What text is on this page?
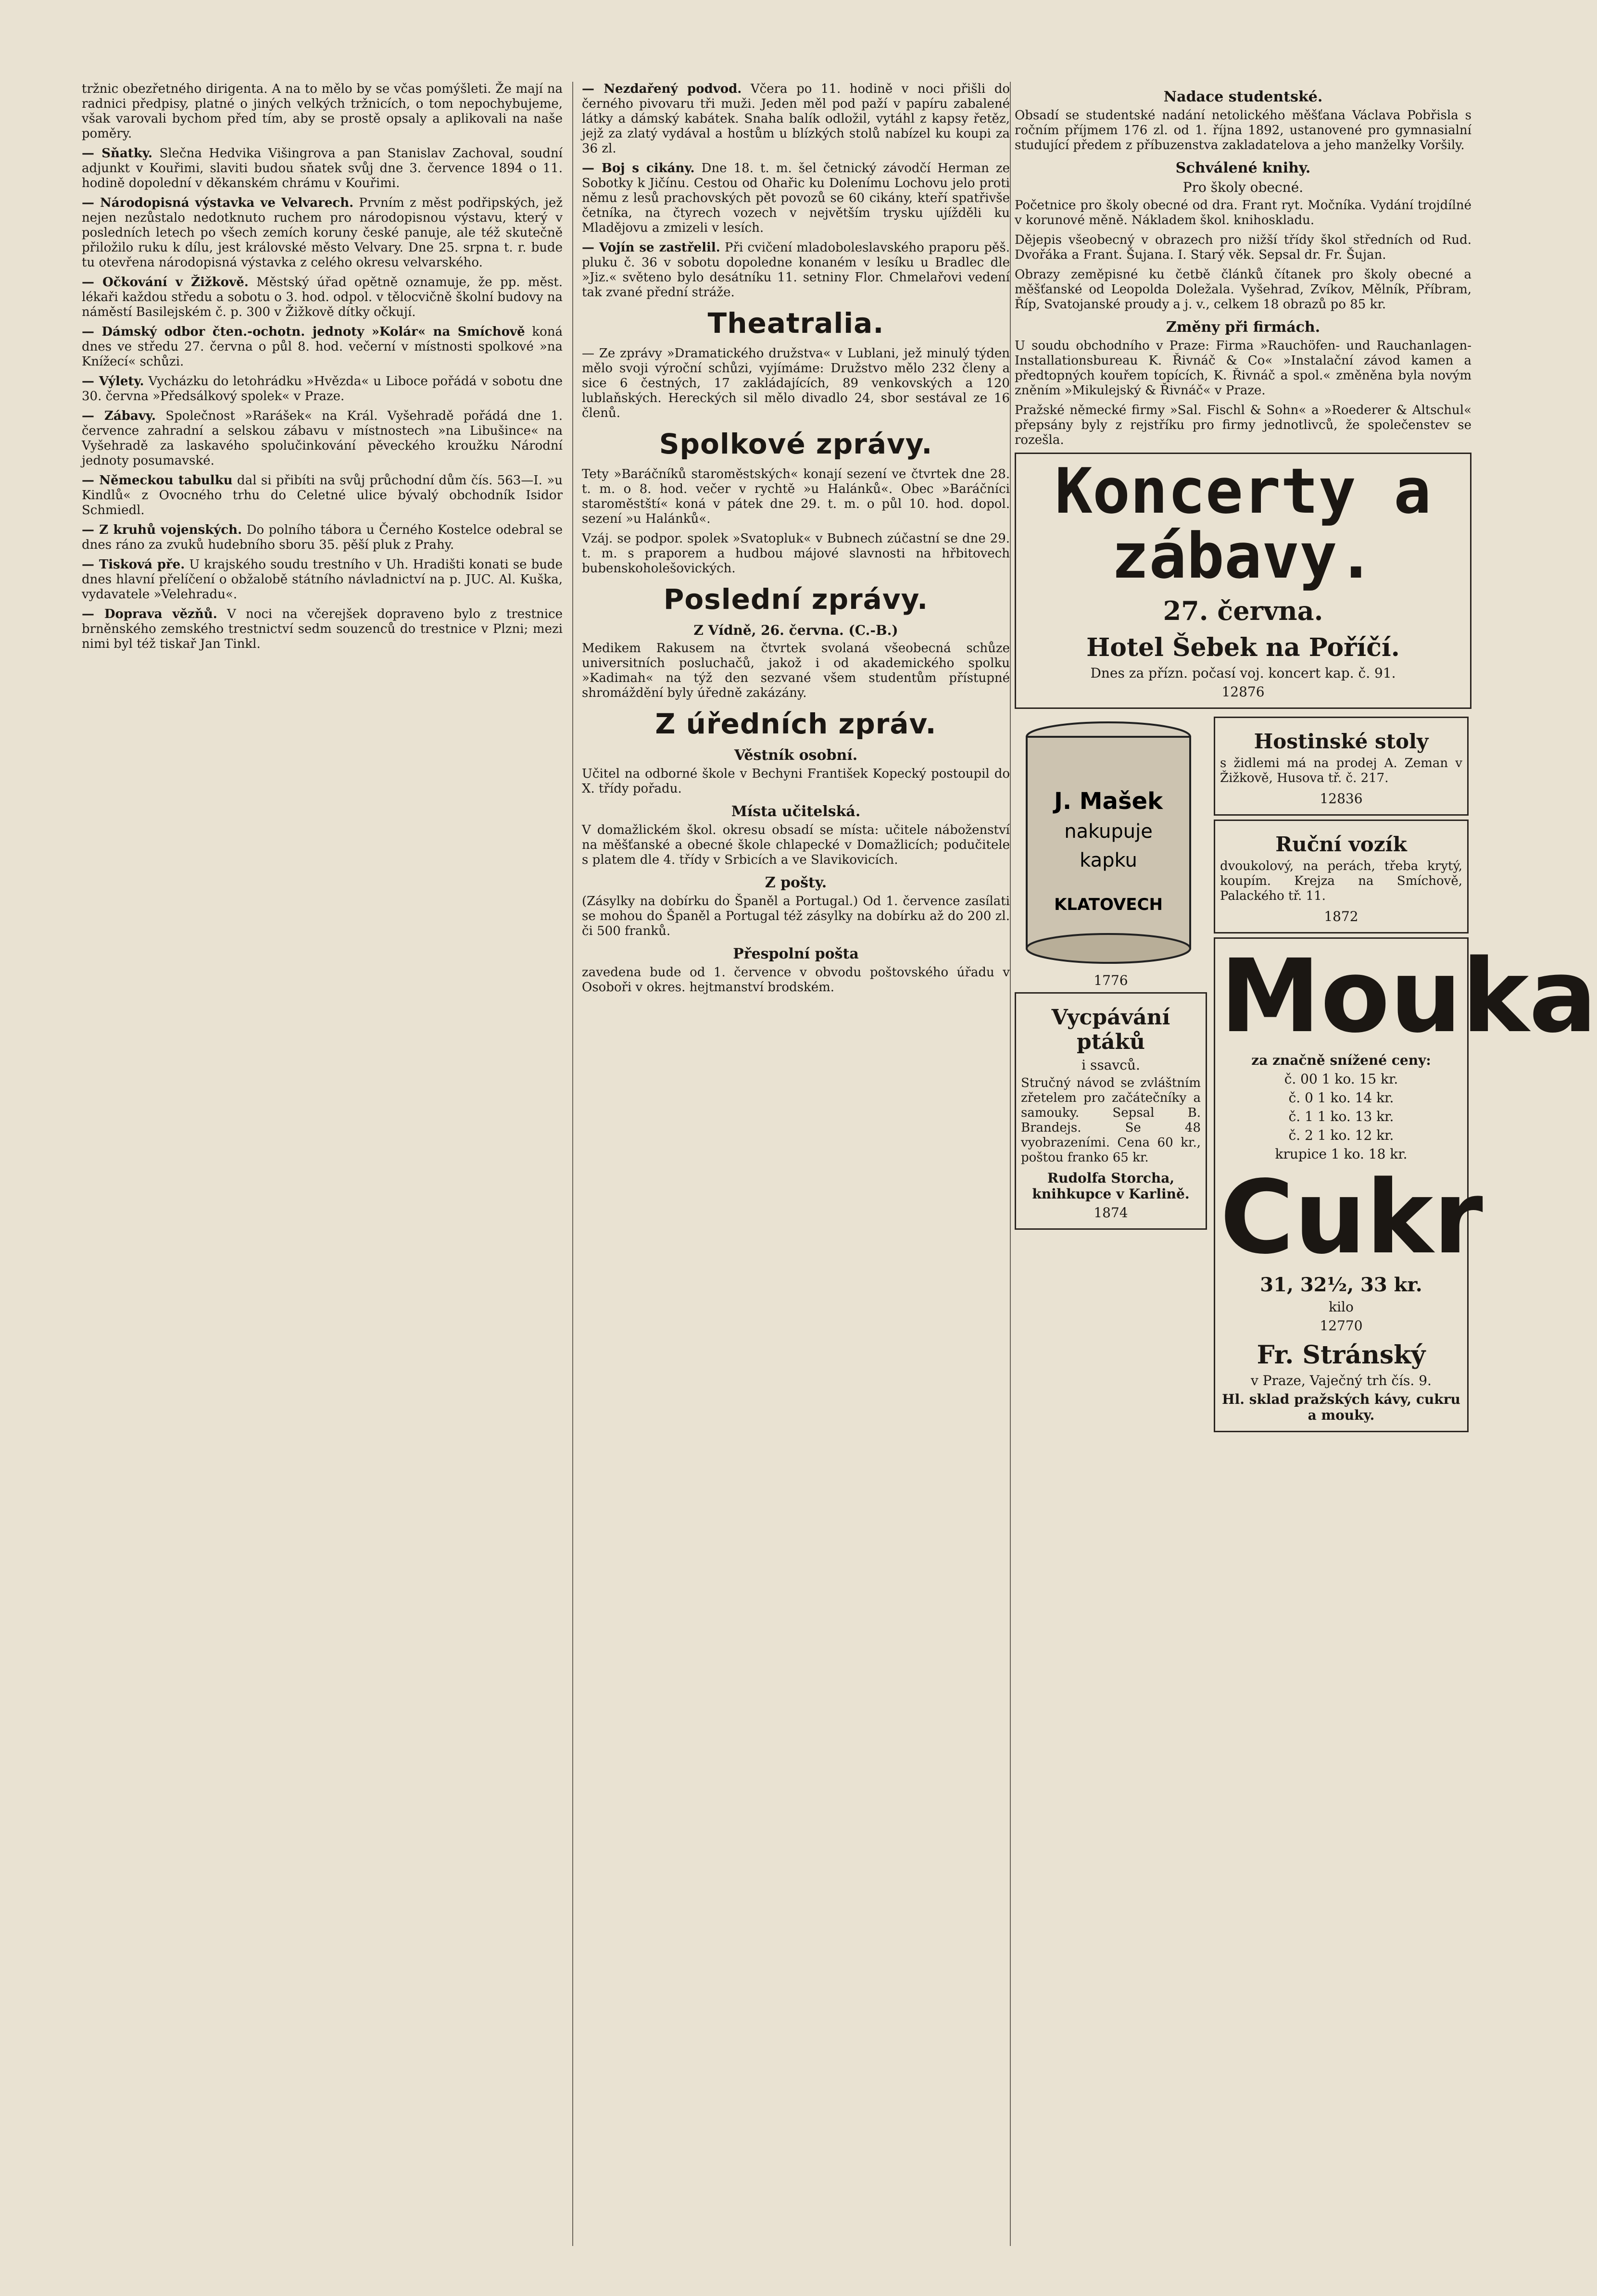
tržnic obezřetného dirigenta. A na to mělo by se včas pomýšleti. Že mají na radnici předpisy, platné o jiných velkých tržnicích, o tom nepochybujeme, však varovali bychom před tím, aby se prostě opsaly a aplikovali na naše poměry.

— Sňatky. Slečna Hedvika Višingrova a pan Stanislav Zachoval, soudní adjunkt v Kouřimi, slaviti budou sňatek svůj dne 3. července 1894 o 11. hodině dopolední v děkanském chrámu v Kouřimi.

— Národopisná výstavka ve Velvarech. Prvním z měst podřipských, jež nejen nezůstalo nedotknuto ruchem pro národopisnou výstavu, který v posledních letech po všech zemích koruny české panuje, ale též skutečně přiložilo ruku k dílu, jest královské město Velvary. Dne 25. srpna t. r. bude tu otevřena národopisná výstavka z celého okresu velvarského.

— Očkování v Žižkově. Městský úřad opětně oznamuje, že pp. měst. lékaři každou středu a sobotu o 3. hod. odpol. v tělocvičně školní budovy na náměstí Basilejském č. p. 300 v Žižkově dítky očkují.

— Dámský odbor čten.-ochotn. jednoty »Kolár« na Smíchově koná dnes ve středu 27. června o půl 8. hod. večerní v místnosti spolkové »na Knížecí« schůzi.

— Výlety. Vycházku do letohrádku »Hvězda« u Liboce pořádá v sobotu dne 30. června »Předsálkový spolek« v Praze.

— Zábavy. Společnost »Rarášek« na Král. Vyšehradě pořádá dne 1. července zahradní a selskou zábavu v místnostech »na Libušince« na Vyšehradě za laskavého spolučinkování pěveckého kroužku Národní jednoty posumavské.

— Německou tabulku dal si přibíti na svůj průchodní dům čís. 563—I. »u Kindlů« z Ovocného trhu do Celetné ulice bývalý obchodník Isidor Schmiedl.

— Z kruhů vojenských. Do polního tábora u Černého Kostelce odebral se dnes ráno za zvuků hudebního sboru 35. pěší pluk z Prahy.

— Tisková pře. U krajského soudu trestního v Uh. Hradišti konati se bude dnes hlavní přelíčení o obžalobě státního návladnictví na p. JUC. Al. Kuška, vydavatele »Velehradu«.

— Doprava vězňů. V noci na včerejšek dopraveno bylo z trestnice brněnského zemského trestnictví sedm souzenců do trestnice v Plzni; mezi nimi byl též tiskař Jan Tinkl.

— Nezdařený podvod. Včera po 11. hodině v noci přišli do černého pivovaru tři muži. Jeden měl pod paží v papíru zabalené látky a dámský kabátek. Snaha balík odložil, vytáhl z kapsy řetěz, jejž za zlatý vydával a hostům u blízkých stolů nabízel ku koupi za 36 zl.

— Boj s cikány. Dne 18. t. m. šel četnický závodčí Herman ze Sobotky k Jičínu. Cestou od Ohařic ku Dolenímu Lochovu jelo proti němu z lesů prachovských pět povozů se 60 cikány, kteří spatřivše četníka, na čtyrech vozech v největším trysku ujížděli ku Mladějovu a zmizeli v lesích.

— Vojín se zastřelil. Při cvičení mladoboleslavského praporu pěš. pluku č. 36 v sobotu dopoledne konaném v lesíku u Bradlec dle »Jiz.« světeno bylo desátníku 11. setniny Flor. Chmelařovi vedení tak zvané přední stráže.

Theatralia.

— Ze zprávy »Dramatického družstva« v Lublani, jež minulý týden mělo svoji výroční schůzi, vyjímáme: Družstvo mělo 232 členy a sice 6 čestných, 17 zakládajících, 89 venkovských a 120 lublaňských. Hereckých sil mělo divadlo 24, sbor sestával ze 16 členů.

Spolkové zprávy.

Tety »Baráčníků staroměstských« konají sezení ve čtvrtek dne 28. t. m. o 8. hod. večer v rychtě »u Halánků«. Obec »Baráčníci staroměstští« koná v pátek dne 29. t. m. o půl 10. hod. dopol. sezení »u Halánků«.

Vzáj. se podpor. spolek »Svatopluk« v Bubnech zúčastní se dne 29. t. m. s praporem a hudbou májové slavnosti na hřbitovech bubenskoholešovických.

Poslední zprávy.
Z Vídně, 26. června. (C.-B.)

Medikem Rakusem na čtvrtek svolaná všeobecná schůze universitních posluchačů, jakož i od akademického spolku »Kadimah« na týž den sezvané všem studentům přístupné shromáždění byly úředně zakázány.

Z úředních zpráv.
Věstník osobní.

Učitel na odborné škole v Bechyni František Kopecký postoupil do X. třídy pořadu.

Místa učitelská.

V domažlickém škol. okresu obsadí se místa: učitele náboženství na měšťanské a obecné škole chlapecké v Domažlicích; podučitele s platem dle 4. třídy v Srbicích a ve Slavikovicích.

Z pošty.

(Zásylky na dobírku do Španěl a Portugal.) Od 1. července zasílati se mohou do Španěl a Portugal též zásylky na dobírku až do 200 zl. či 500 franků.

Přespolní pošta

zavedena bude od 1. července v obvodu poštovského úřadu v Osoboři v okres. hejtmanství brodském.

Nadace studentské.

Obsadí se studentské nadání netolického měšťana Václava Pobřisla s ročním příjmem 176 zl. od 1. října 1892, ustanovené pro gymnasialní studující předem z příbuzenstva zakladatelova a jeho manželky Voršily.

Schválené knihy.
Pro školy obecné.

Početnice pro školy obecné od dra. Frant ryt. Močníka. Vydání trojdílné v korunové měně. Nákladem škol. knihoskladu.

Dějepis všeobecný v obrazech pro nižší třídy škol středních od Rud. Dvořáka a Frant. Šujana. I. Starý věk. Sepsal dr. Fr. Šujan.

Obrazy zeměpisné ku četbě článků čítanek pro školy obecné a měšťanské od Leopolda Doležala. Vyšehrad, Zvíkov, Mělník, Příbram, Říp, Svatojanské proudy a j. v., celkem 18 obrazů po 85 kr.

Změny při firmách.

U soudu obchodního v Praze: Firma »Rauchöfen- und Rauchanlagen-Installationsbureau K. Řivnáč & Co« »Instalační závod kamen a předtopných kouřem topících, K. Řivnáč a spol.« změněna byla novým zněním »Mikulejský & Řivnáč« v Praze.

Pražské německé firmy »Sal. Fischl & Sohn« a »Roederer & Altschul« přepsány byly z rejstříku pro firmy jednotlivců, že společenstev se rozešla.

Koncerty a zábavy.
27. června.
Hotel Šebek na Poříčí.
Dnes za přízn. počasí voj. koncert kap. č. 91.
12876
J. Mašek
nakupuje
kapku
KLATOVECH
1776
Vycpávání ptáků
i ssavců.

Stručný návod se zvláštním zřetelem pro začátečníky a samouky. Sepsal B. Brandejs. Se 48 vyobrazeními. Cena 60 kr., poštou franko 65 kr.

Rudolfa Storcha, knihkupce v Karlině.
1874
Hostinské stoly

s židlemi má na prodej A. Zeman v Žižkově, Husova tř. č. 217.

12836
Ruční vozík

dvoukolový, na perách, třeba krytý, koupím. Krejza na Smíchově, Palackého tř. 11.

1872
Mouka
za značně snížené ceny:
č. 00 1 ko. 15 kr.
č. 0 1 ko. 14 kr.
č. 1 1 ko. 13 kr.
č. 2 1 ko. 12 kr.
krupice 1 ko. 18 kr.
Cukr
31, 32½, 33 kr.
kilo
12770
Fr. Stránský
v Praze, Vaječný trh čís. 9.
Hl. sklad pražských kávy, cukru a mouky.
